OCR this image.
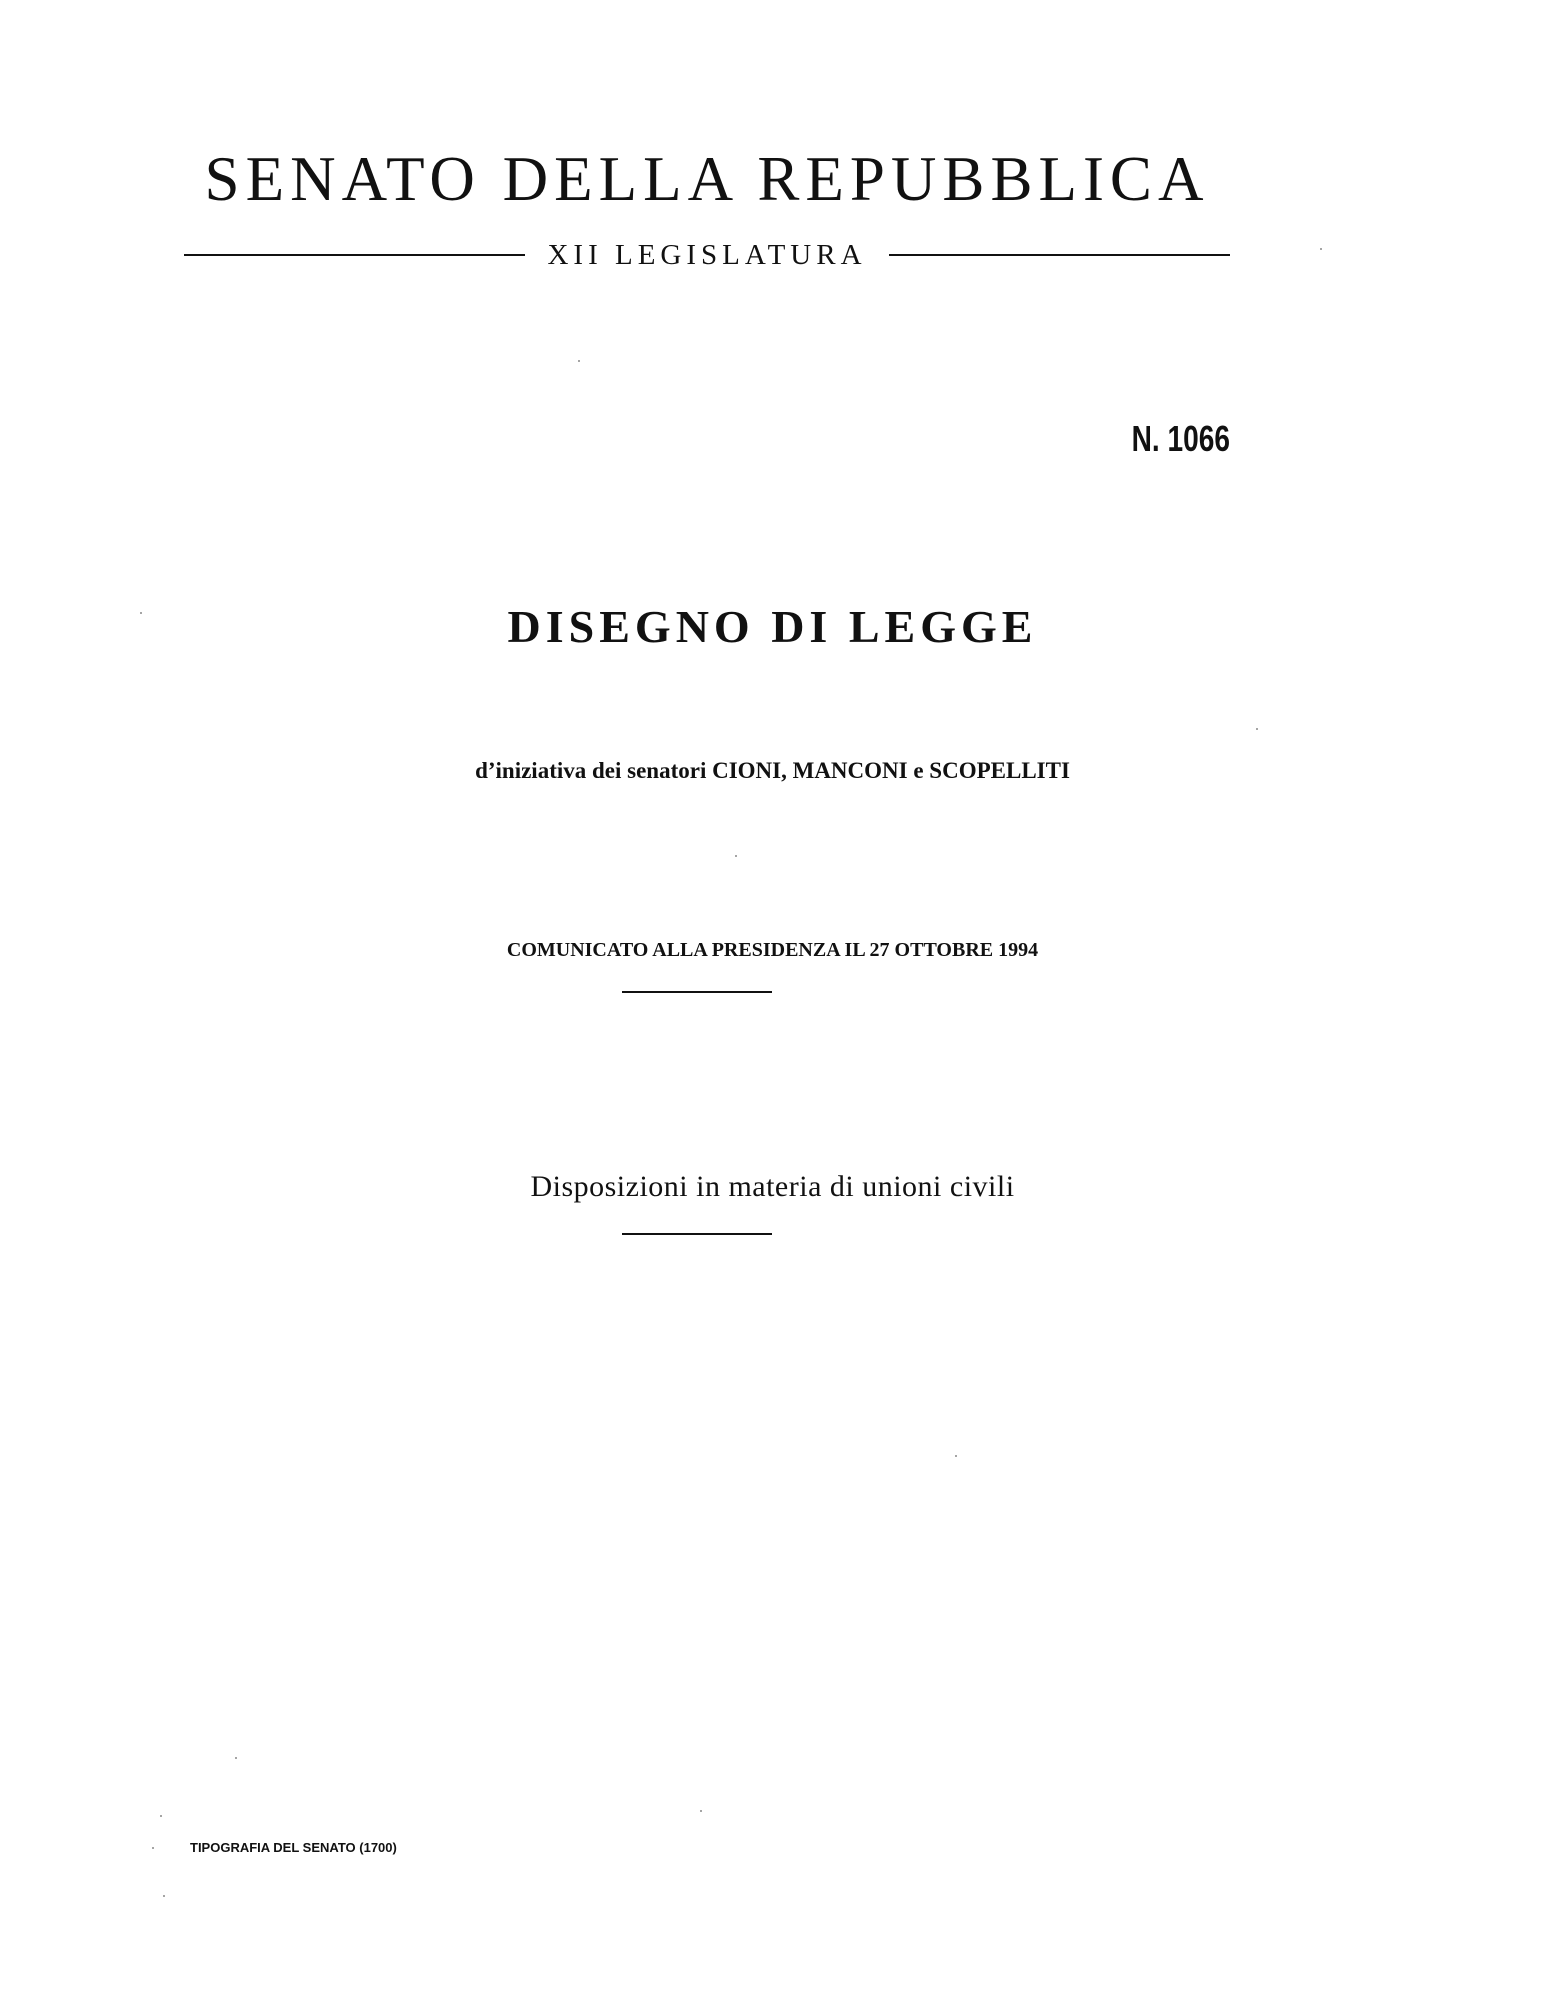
SENATO DELLA REPUBBLICA
XII LEGISLATURA
N. 1066
DISEGNO DI LEGGE
d’iniziativa dei senatori CIONI, MANCONI e SCOPELLITI
COMUNICATO ALLA PRESIDENZA IL 27 OTTOBRE 1994
Disposizioni in materia di unioni civili
TIPOGRAFIA DEL SENATO (1700)
